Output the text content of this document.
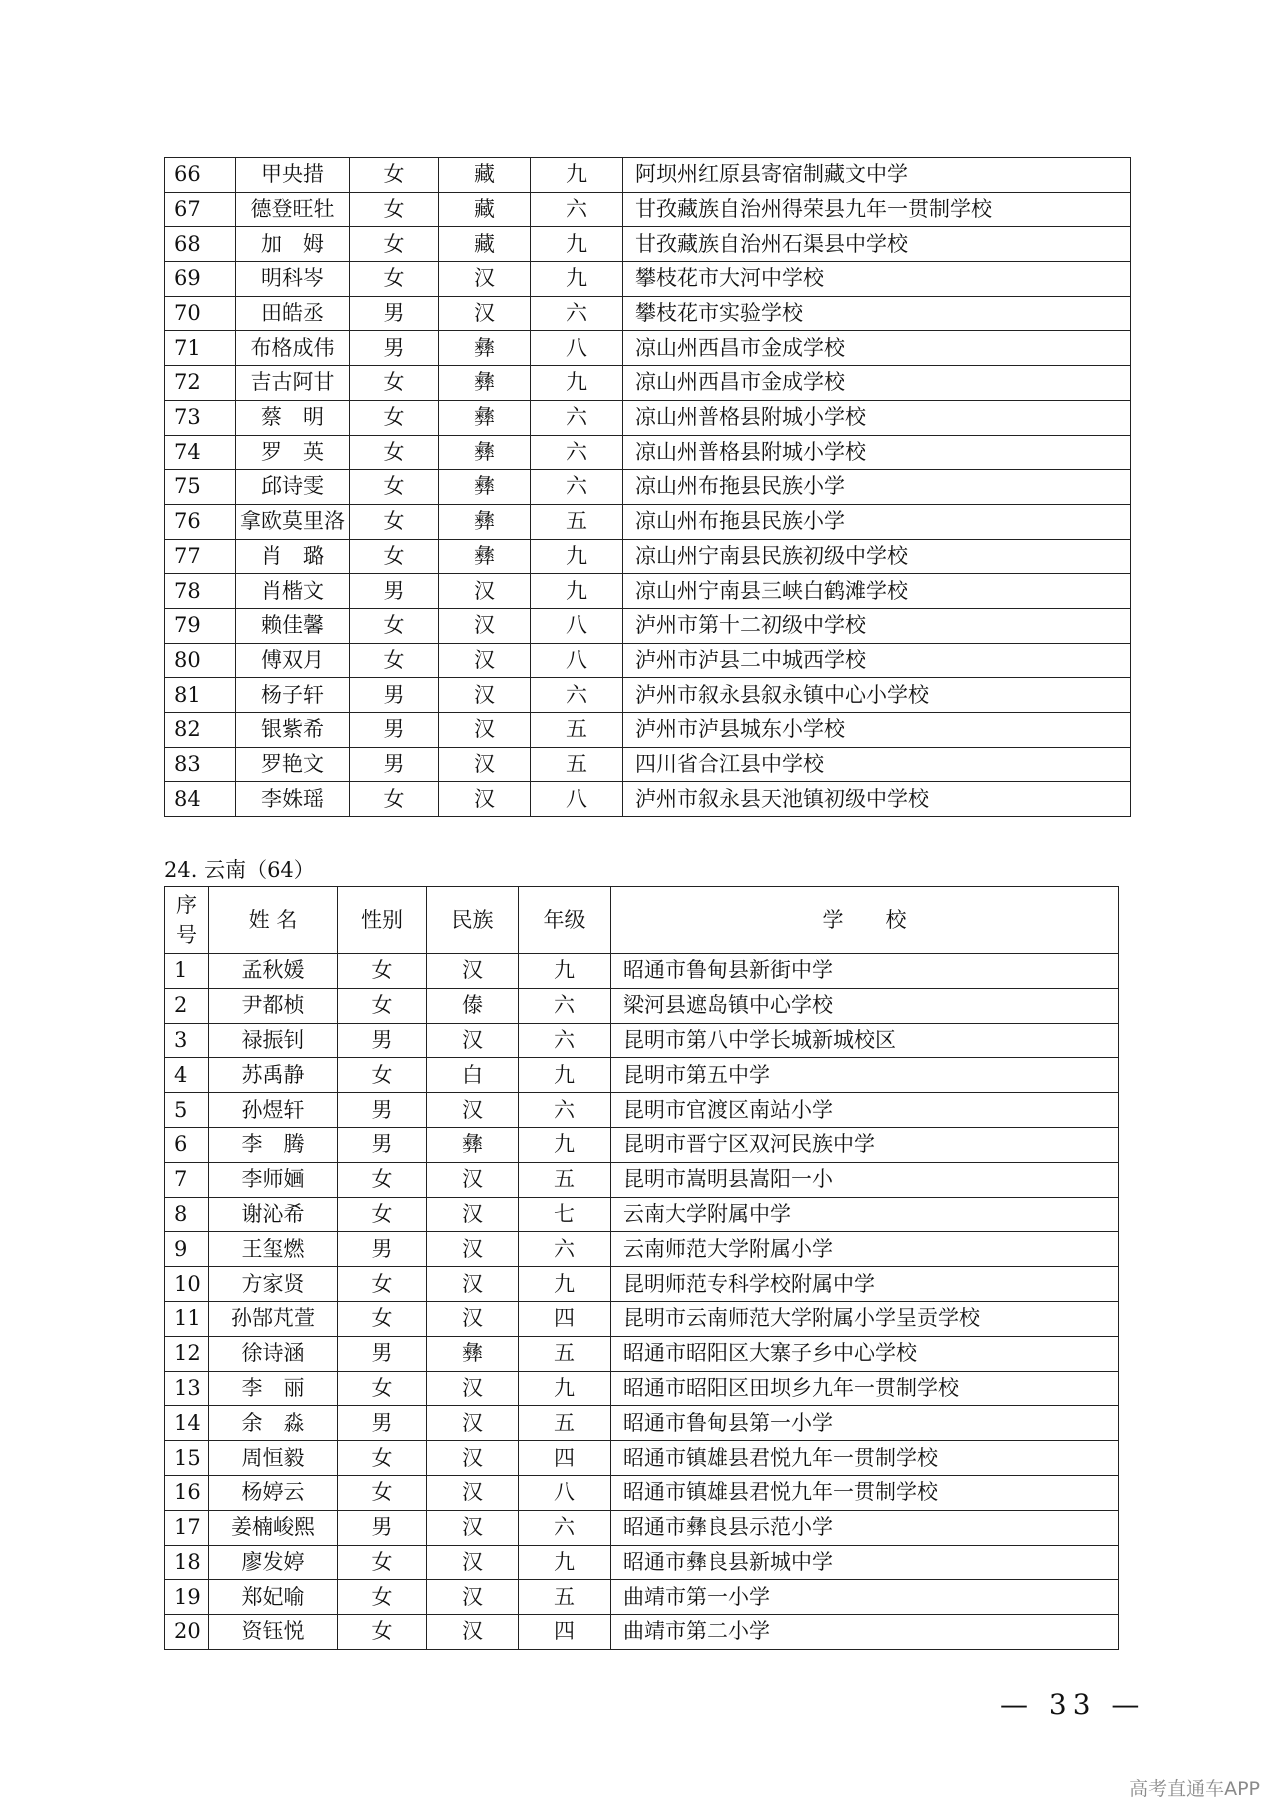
66	甲央措	女	藏	九	阿坝州红原县寄宿制藏文中学
67	德登旺牡	女	藏	六	甘孜藏族自治州得荣县九年一贯制学校
68	加　姆	女	藏	九	甘孜藏族自治州石渠县中学校
69	明科岑	女	汉	九	攀枝花市大河中学校
70	田皓丞	男	汉	六	攀枝花市实验学校
71	布格成伟	男	彝	八	凉山州西昌市金成学校
72	吉古阿甘	女	彝	九	凉山州西昌市金成学校
73	蔡　明	女	彝	六	凉山州普格县附城小学校
74	罗　英	女	彝	六	凉山州普格县附城小学校
75	邱诗雯	女	彝	六	凉山州布拖县民族小学
76	拿欧莫里洛	女	彝	五	凉山州布拖县民族小学
77	肖　璐	女	彝	九	凉山州宁南县民族初级中学校
78	肖楷文	男	汉	九	凉山州宁南县三峡白鹤滩学校
79	赖佳馨	女	汉	八	泸州市第十二初级中学校
80	傅双月	女	汉	八	泸州市泸县二中城西学校
81	杨子轩	男	汉	六	泸州市叙永县叙永镇中心小学校
82	银紫希	男	汉	五	泸州市泸县城东小学校
83	罗艳文	男	汉	五	四川省合江县中学校
84	李姝瑶	女	汉	八	泸州市叙永县天池镇初级中学校
24. 云南（64）
序
号	姓 名	性别	民族	年级	学　　校
1	孟秋媛	女	汉	九	昭通市鲁甸县新街中学
2	尹都桢	女	傣	六	梁河县遮岛镇中心学校
3	禄振钊	男	汉	六	昆明市第八中学长城新城校区
4	苏禹静	女	白	九	昆明市第五中学
5	孙煜轩	男	汉	六	昆明市官渡区南站小学
6	李　腾	男	彝	九	昆明市晋宁区双河民族中学
7	李师婳	女	汉	五	昆明市嵩明县嵩阳一小
8	谢沁希	女	汉	七	云南大学附属中学
9	王玺燃	男	汉	六	云南师范大学附属小学
10	方家贤	女	汉	九	昆明师范专科学校附属中学
11	孙郜芃萱	女	汉	四	昆明市云南师范大学附属小学呈贡学校
12	徐诗涵	男	彝	五	昭通市昭阳区大寨子乡中心学校
13	李　丽	女	汉	九	昭通市昭阳区田坝乡九年一贯制学校
14	余　淼	男	汉	五	昭通市鲁甸县第一小学
15	周恒毅	女	汉	四	昭通市镇雄县君悦九年一贯制学校
16	杨婷云	女	汉	八	昭通市镇雄县君悦九年一贯制学校
17	姜楠峻熙	男	汉	六	昭通市彝良县示范小学
18	廖发婷	女	汉	九	昭通市彝良县新城中学
19	郑妃喻	女	汉	五	曲靖市第一小学
20	资钰悦	女	汉	四	曲靖市第二小学
— 33 —
高考直通车APP
